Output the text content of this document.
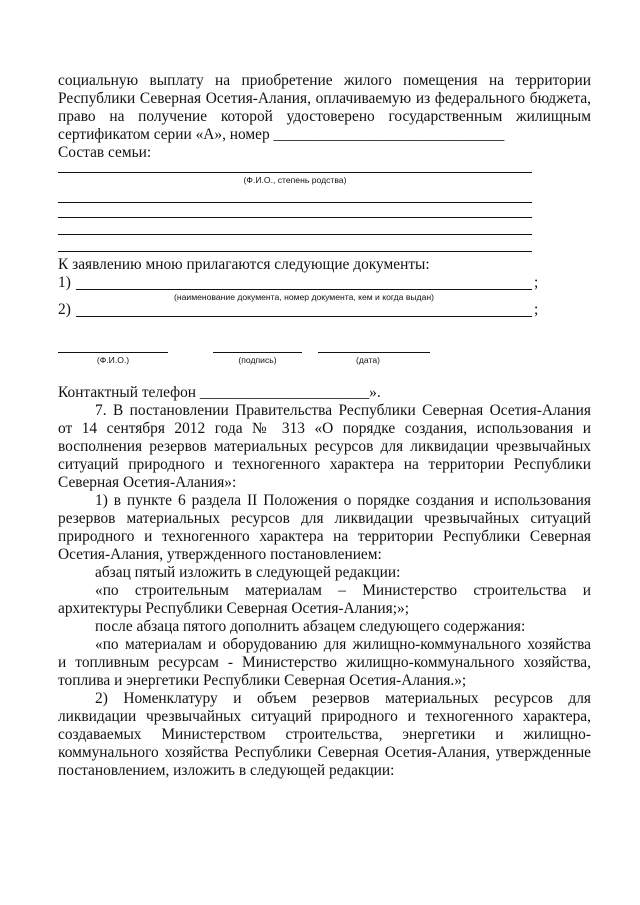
социальную выплату на приобретение жилого помещения на территории
Республики Северная Осетия-Алания, оплачиваемую из федерального бюджета,
право на получение которой удостоверено государственным жилищным
сертификатом серии «А», номер ______________________________
Состав семьи:
(Ф.И.О., степень родства)
К заявлению мною прилагаются следующие документы:
1)	;
(наименование документа, номер документа, кем и когда выдан)
2)	;
(Ф.И.О.)	(подпись)	(дата)
Контактный телефон ______________________».
7. В постановлении Правительства Республики Северная Осетия-Алания
от 14 сентября 2012 года № 313 «О порядке создания, использования и
восполнения резервов материальных ресурсов для ликвидации чрезвычайных
ситуаций природного и техногенного характера на территории Республики
Северная Осетия-Алания»:
1) в пункте 6 раздела II Положения о порядке создания и использования
резервов материальных ресурсов для ликвидации чрезвычайных ситуаций
природного и техногенного характера на территории Республики Северная
Осетия-Алания, утвержденного постановлением:
абзац пятый изложить в следующей редакции:
«по строительным материалам – Министерство строительства и
архитектуры Республики Северная Осетия-Алания;»;
после абзаца пятого дополнить абзацем следующего содержания:
«по материалам и оборудованию для жилищно-коммунального хозяйства
и топливным ресурсам - Министерство жилищно-коммунального хозяйства,
топлива и энергетики Республики Северная Осетия-Алания.»;
2) Номенклатуру и объем резервов материальных ресурсов для
ликвидации чрезвычайных ситуаций природного и техногенного характера,
создаваемых Министерством строительства, энергетики и жилищно-
коммунального хозяйства Республики Северная Осетия-Алания, утвержденные
постановлением, изложить в следующей редакции:
